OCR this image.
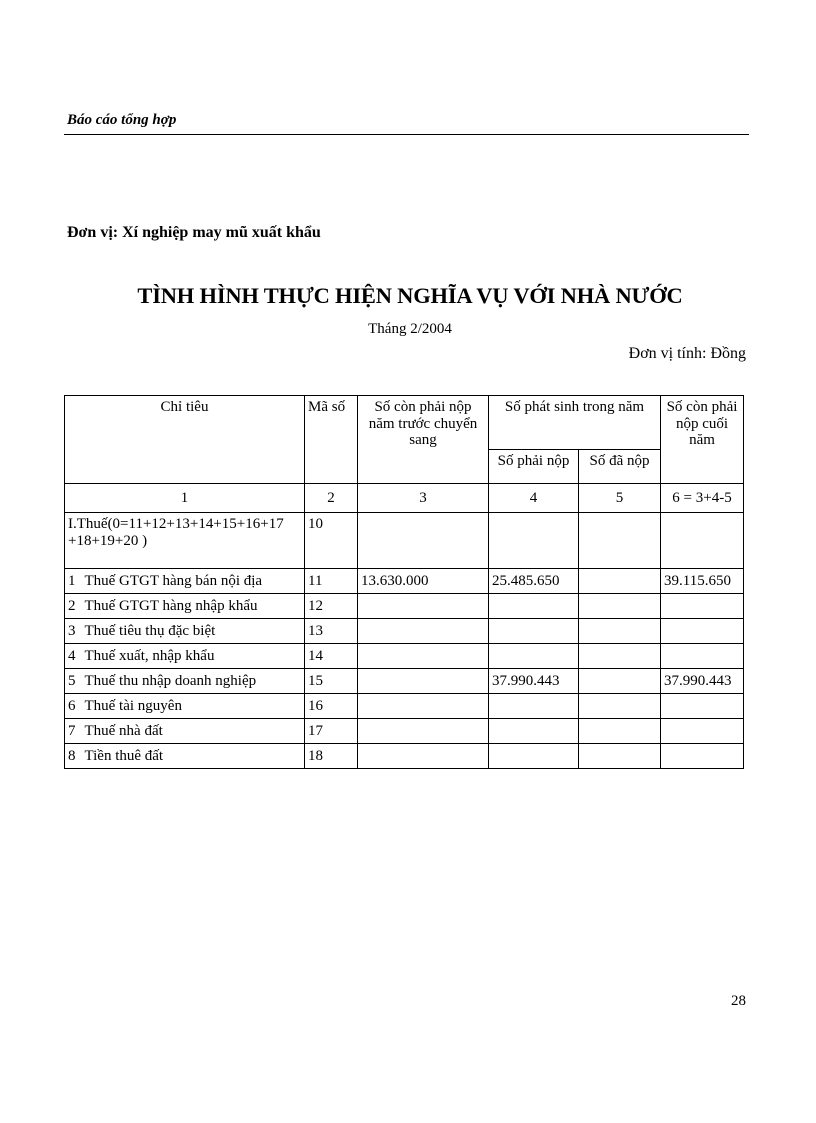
Báo cáo tổng hợp
Đơn vị: Xí nghiệp may mũ xuất khẩu
TÌNH HÌNH THỰC HIỆN NGHĨA VỤ VỚI NHÀ NƯỚC
Tháng 2/2004
Đơn vị tính: Đồng
Chỉ tiêu	Mã số	Số còn phải nộp năm trước chuyển sang	Số phát sinh trong năm		Số còn phải nộp cuối năm
			Số phải nộp	Số đã nộp	
1	2	3	4	5	6 = 3+4-5
I.Thuế(0=11+12+13+14+15+16+17 +18+19+20 )	10				
1 Thuế GTGT hàng bán nội địa	11	13.630.000	25.485.650		39.115.650
2 Thuế GTGT hàng nhập khẩu	12				
3 Thuế tiêu thụ đặc biệt	13				
4 Thuế xuất, nhập khẩu	14				
5 Thuế thu nhập doanh nghiệp	15		37.990.443		37.990.443
6 Thuế tài nguyên	16				
7 Thuế nhà đất	17				
8 Tiền thuê đất	18				
28
